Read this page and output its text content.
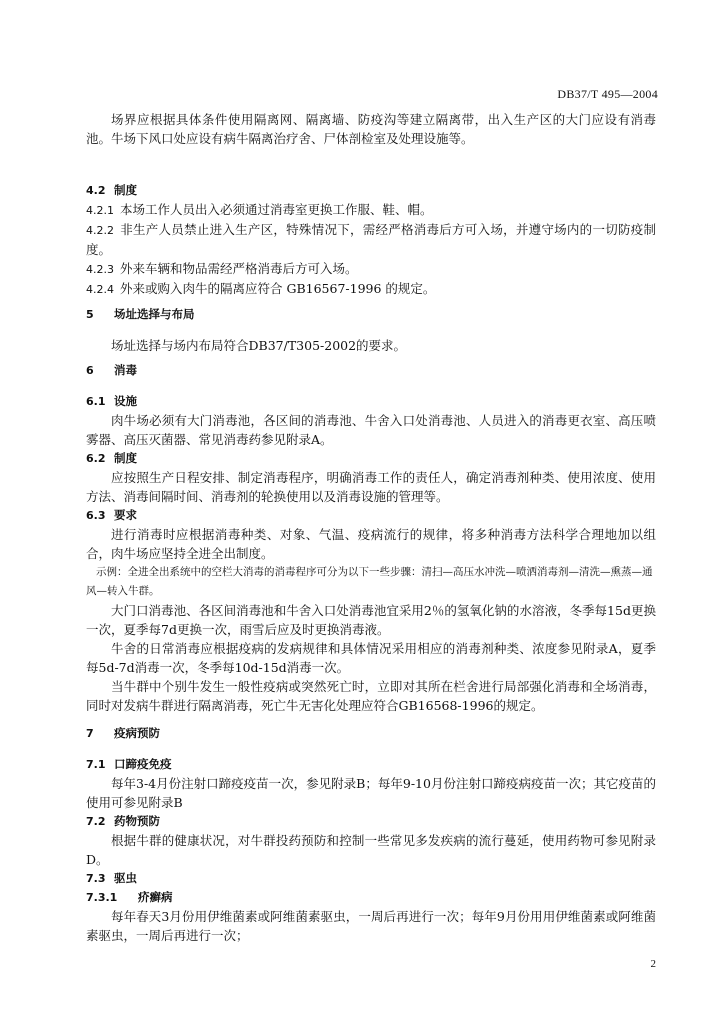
DB37/T 495—2004

场界应根据具体条件使用隔离网、隔离墙、防疫沟等建立隔离带，出入生产区的大门应设有消毒池。牛场下风口处应设有病牛隔离治疗舍、尸体剖检室及处理设施等。

4.2 制度

4.2.1 本场工作人员出入必须通过消毒室更换工作服、鞋、帽。

4.2.2 非生产人员禁止进入生产区，特殊情况下，需经严格消毒后方可入场，并遵守场内的一切防疫制度。

4.2.3 外来车辆和物品需经严格消毒后方可入场。

4.2.4 外来或购入肉牛的隔离应符合 GB16567-1996 的规定。

5 场址选择与布局

场址选择与场内布局符合DB37/T305-2002的要求。

6 消毒

6.1 设施

肉牛场必须有大门消毒池，各区间的消毒池、牛舍入口处消毒池、人员进入的消毒更衣室、高压喷雾器、高压灭菌器、常见消毒药参见附录A。

6.2 制度

应按照生产日程安排、制定消毒程序，明确消毒工作的责任人，确定消毒剂种类、使用浓度、使用方法、消毒间隔时间、消毒剂的轮换使用以及消毒设施的管理等。

6.3 要求

进行消毒时应根据消毒种类、对象、气温、疫病流行的规律，将多种消毒方法科学合理地加以组合，肉牛场应坚持全进全出制度。

示例：全进全出系统中的空栏大消毒的消毒程序可分为以下一些步骤：清扫—高压水冲洗—喷洒消毒剂—清洗—熏蒸—通风—转入牛群。

大门口消毒池、各区间消毒池和牛舍入口处消毒池宜采用2％的氢氧化钠的水溶液，冬季每15d更换一次，夏季每7d更换一次，雨雪后应及时更换消毒液。

牛舍的日常消毒应根据疫病的发病规律和具体情况采用相应的消毒剂种类、浓度参见附录A，夏季每5d-7d消毒一次，冬季每10d-15d消毒一次。

当牛群中个别牛发生一般性疫病或突然死亡时，立即对其所在栏舍进行局部强化消毒和全场消毒，同时对发病牛群进行隔离消毒，死亡牛无害化处理应符合GB16568-1996的规定。

7 疫病预防

7.1 口蹄疫免疫

每年3-4月份注射口蹄疫疫苗一次，参见附录B；每年9-10月份注射口蹄疫病疫苗一次；其它疫苗的使用可参见附录B

7.2 药物预防

根据牛群的健康状况，对牛群投药预防和控制一些常见多发疾病的流行蔓延，使用药物可参见附录D。

7.3 驱虫

7.3.1 疥癣病

每年春天3月份用伊维菌素或阿维菌素驱虫，一周后再进行一次；每年9月份用用伊维菌素或阿维菌素驱虫，一周后再进行一次；

2
